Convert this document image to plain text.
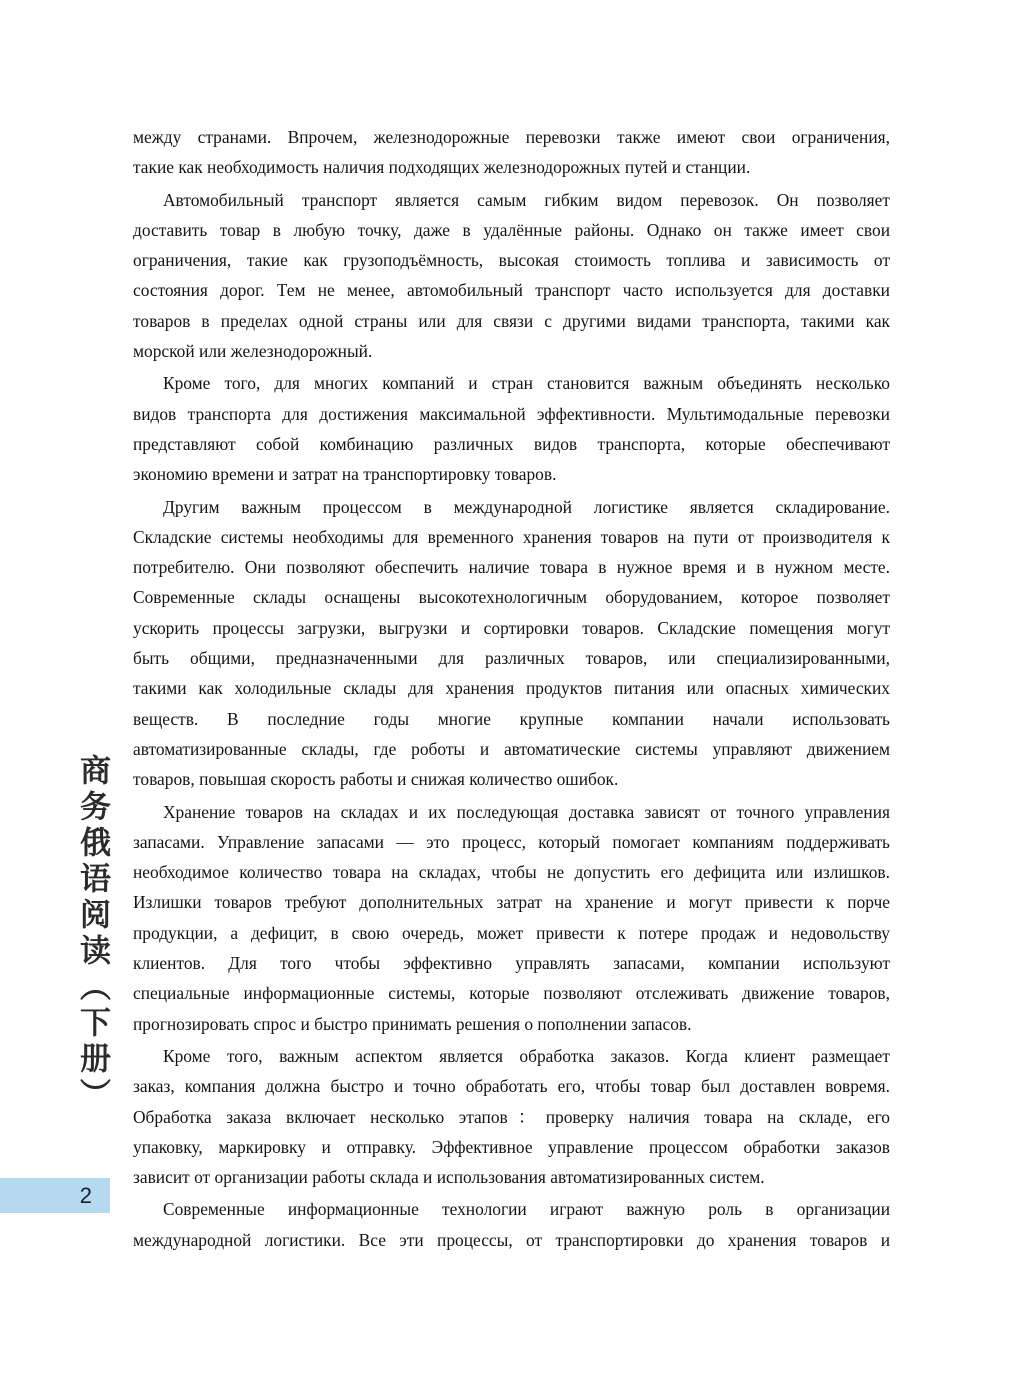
商务俄语阅读（下册）
2
между странами. Впрочем, железнодорожные перевозки также имеют свои ограничения,
такие как необходимость наличия подходящих железнодорожных путей и станции.
Автомобильный транспорт является самым гибким видом перевозок. Он позволяет
доставить товар в любую точку, даже в удалённые районы. Однако он также имеет свои
ограничения, такие как грузоподъёмность, высокая стоимость топлива и зависимость от
состояния дорог. Тем не менее, автомобильный транспорт часто используется для доставки
товаров в пределах одной страны или для связи с другими видами транспорта, такими как
морской или железнодорожный.
Кроме того, для многих компаний и стран становится важным объединять несколько
видов транспорта для достижения максимальной эффективности. Мультимодальные перевозки
представляют собой комбинацию различных видов транспорта, которые обеспечивают
экономию времени и затрат на транспортировку товаров.
Другим важным процессом в международной логистике является складирование.
Складские системы необходимы для временного хранения товаров на пути от производителя к
потребителю. Они позволяют обеспечить наличие товара в нужное время и в нужном месте.
Современные склады оснащены высокотехнологичным оборудованием, которое позволяет
ускорить процессы загрузки, выгрузки и сортировки товаров. Складские помещения могут
быть общими, предназначенными для различных товаров, или специализированными,
такими как холодильные склады для хранения продуктов питания или опасных химических
веществ. В последние годы многие крупные компании начали использовать
автоматизированные склады, где роботы и автоматические системы управляют движением
товаров, повышая скорость работы и снижая количество ошибок.
Хранение товаров на складах и их последующая доставка зависят от точного управления
запасами. Управление запасами — это процесс, который помогает компаниям поддерживать
необходимое количество товара на складах, чтобы не допустить его дефицита или излишков.
Излишки товаров требуют дополнительных затрат на хранение и могут привести к порче
продукции, а дефицит, в свою очередь, может привести к потере продаж и недовольству
клиентов. Для того чтобы эффективно управлять запасами, компании используют
специальные информационные системы, которые позволяют отслеживать движение товаров,
прогнозировать спрос и быстро принимать решения о пополнении запасов.
Кроме того, важным аспектом является обработка заказов. Когда клиент размещает
заказ, компания должна быстро и точно обработать его, чтобы товар был доставлен вовремя.
Обработка заказа включает несколько этапов：проверку наличия товара на складе, его
упаковку, маркировку и отправку. Эффективное управление процессом обработки заказов
зависит от организации работы склада и использования автоматизированных систем.
Современные информационные технологии играют важную роль в организации
международной логистики. Все эти процессы, от транспортировки до хранения товаров и
